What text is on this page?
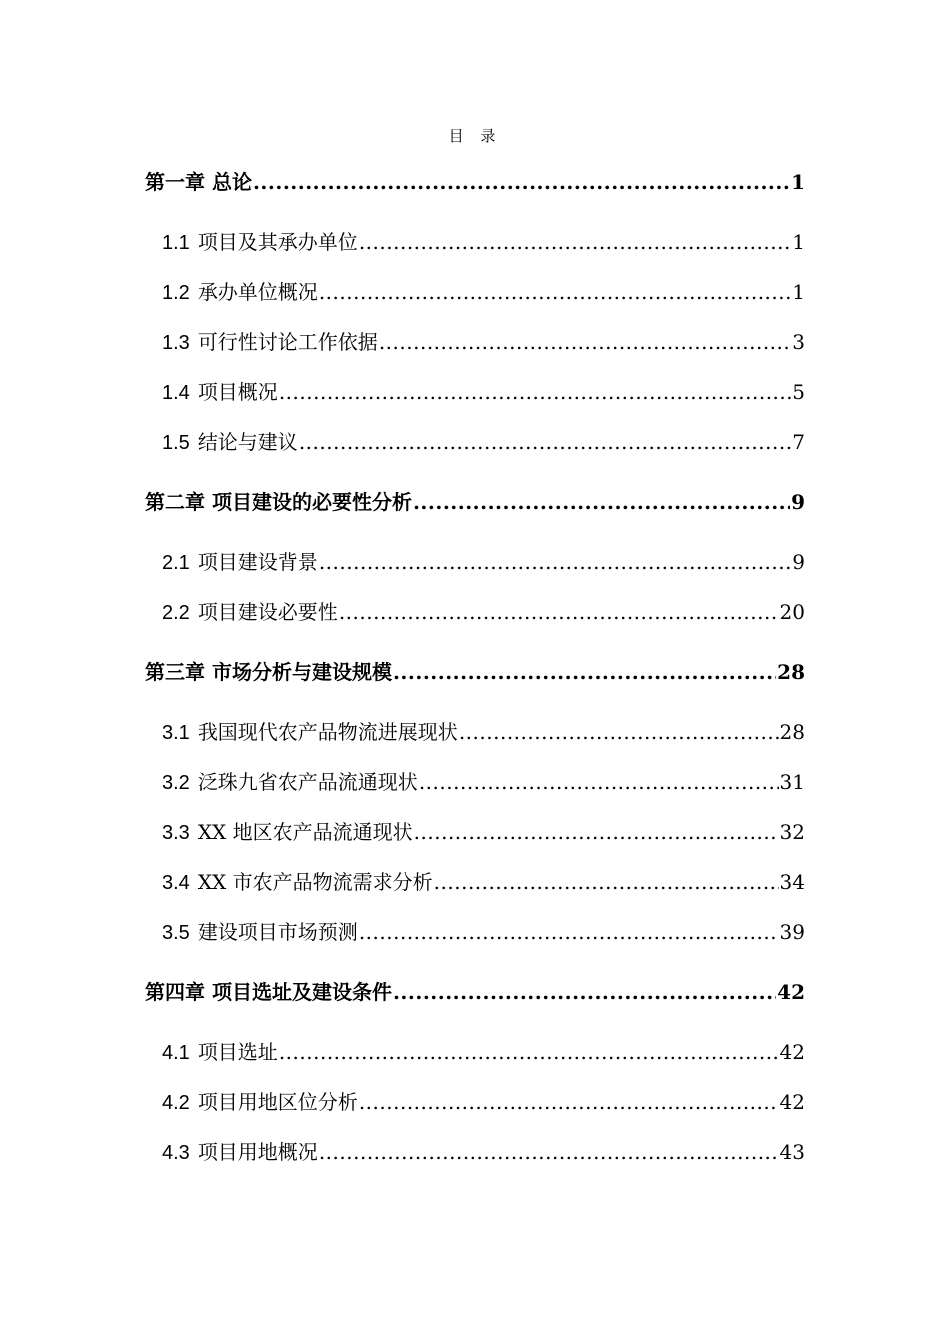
目 录
第一章 总论 .....	1
1.1 项目及其承办单位 .....	1
1.2 承办单位概况 .....	1
1.3 可行性讨论工作依据 .....	3
1.4 项目概况 .....	5
1.5 结论与建议 .....	7
第二章 项目建设的必要性分析 .....	9
2.1 项目建设背景 .....	9
2.2 项目建设必要性 .....	20
第三章 市场分析与建设规模 .....	28
3.1 我国现代农产品物流进展现状 .....	28
3.2 泛珠九省农产品流通现状 .....	31
3.3 XX 地区农产品流通现状 .....	32
3.4 XX 市农产品物流需求分析 .....	34
3.5 建设项目市场预测 .....	39
第四章 项目选址及建设条件 .....	42
4.1 项目选址 .....	42
4.2 项目用地区位分析 .....	42
4.3 项目用地概况 .....	43
